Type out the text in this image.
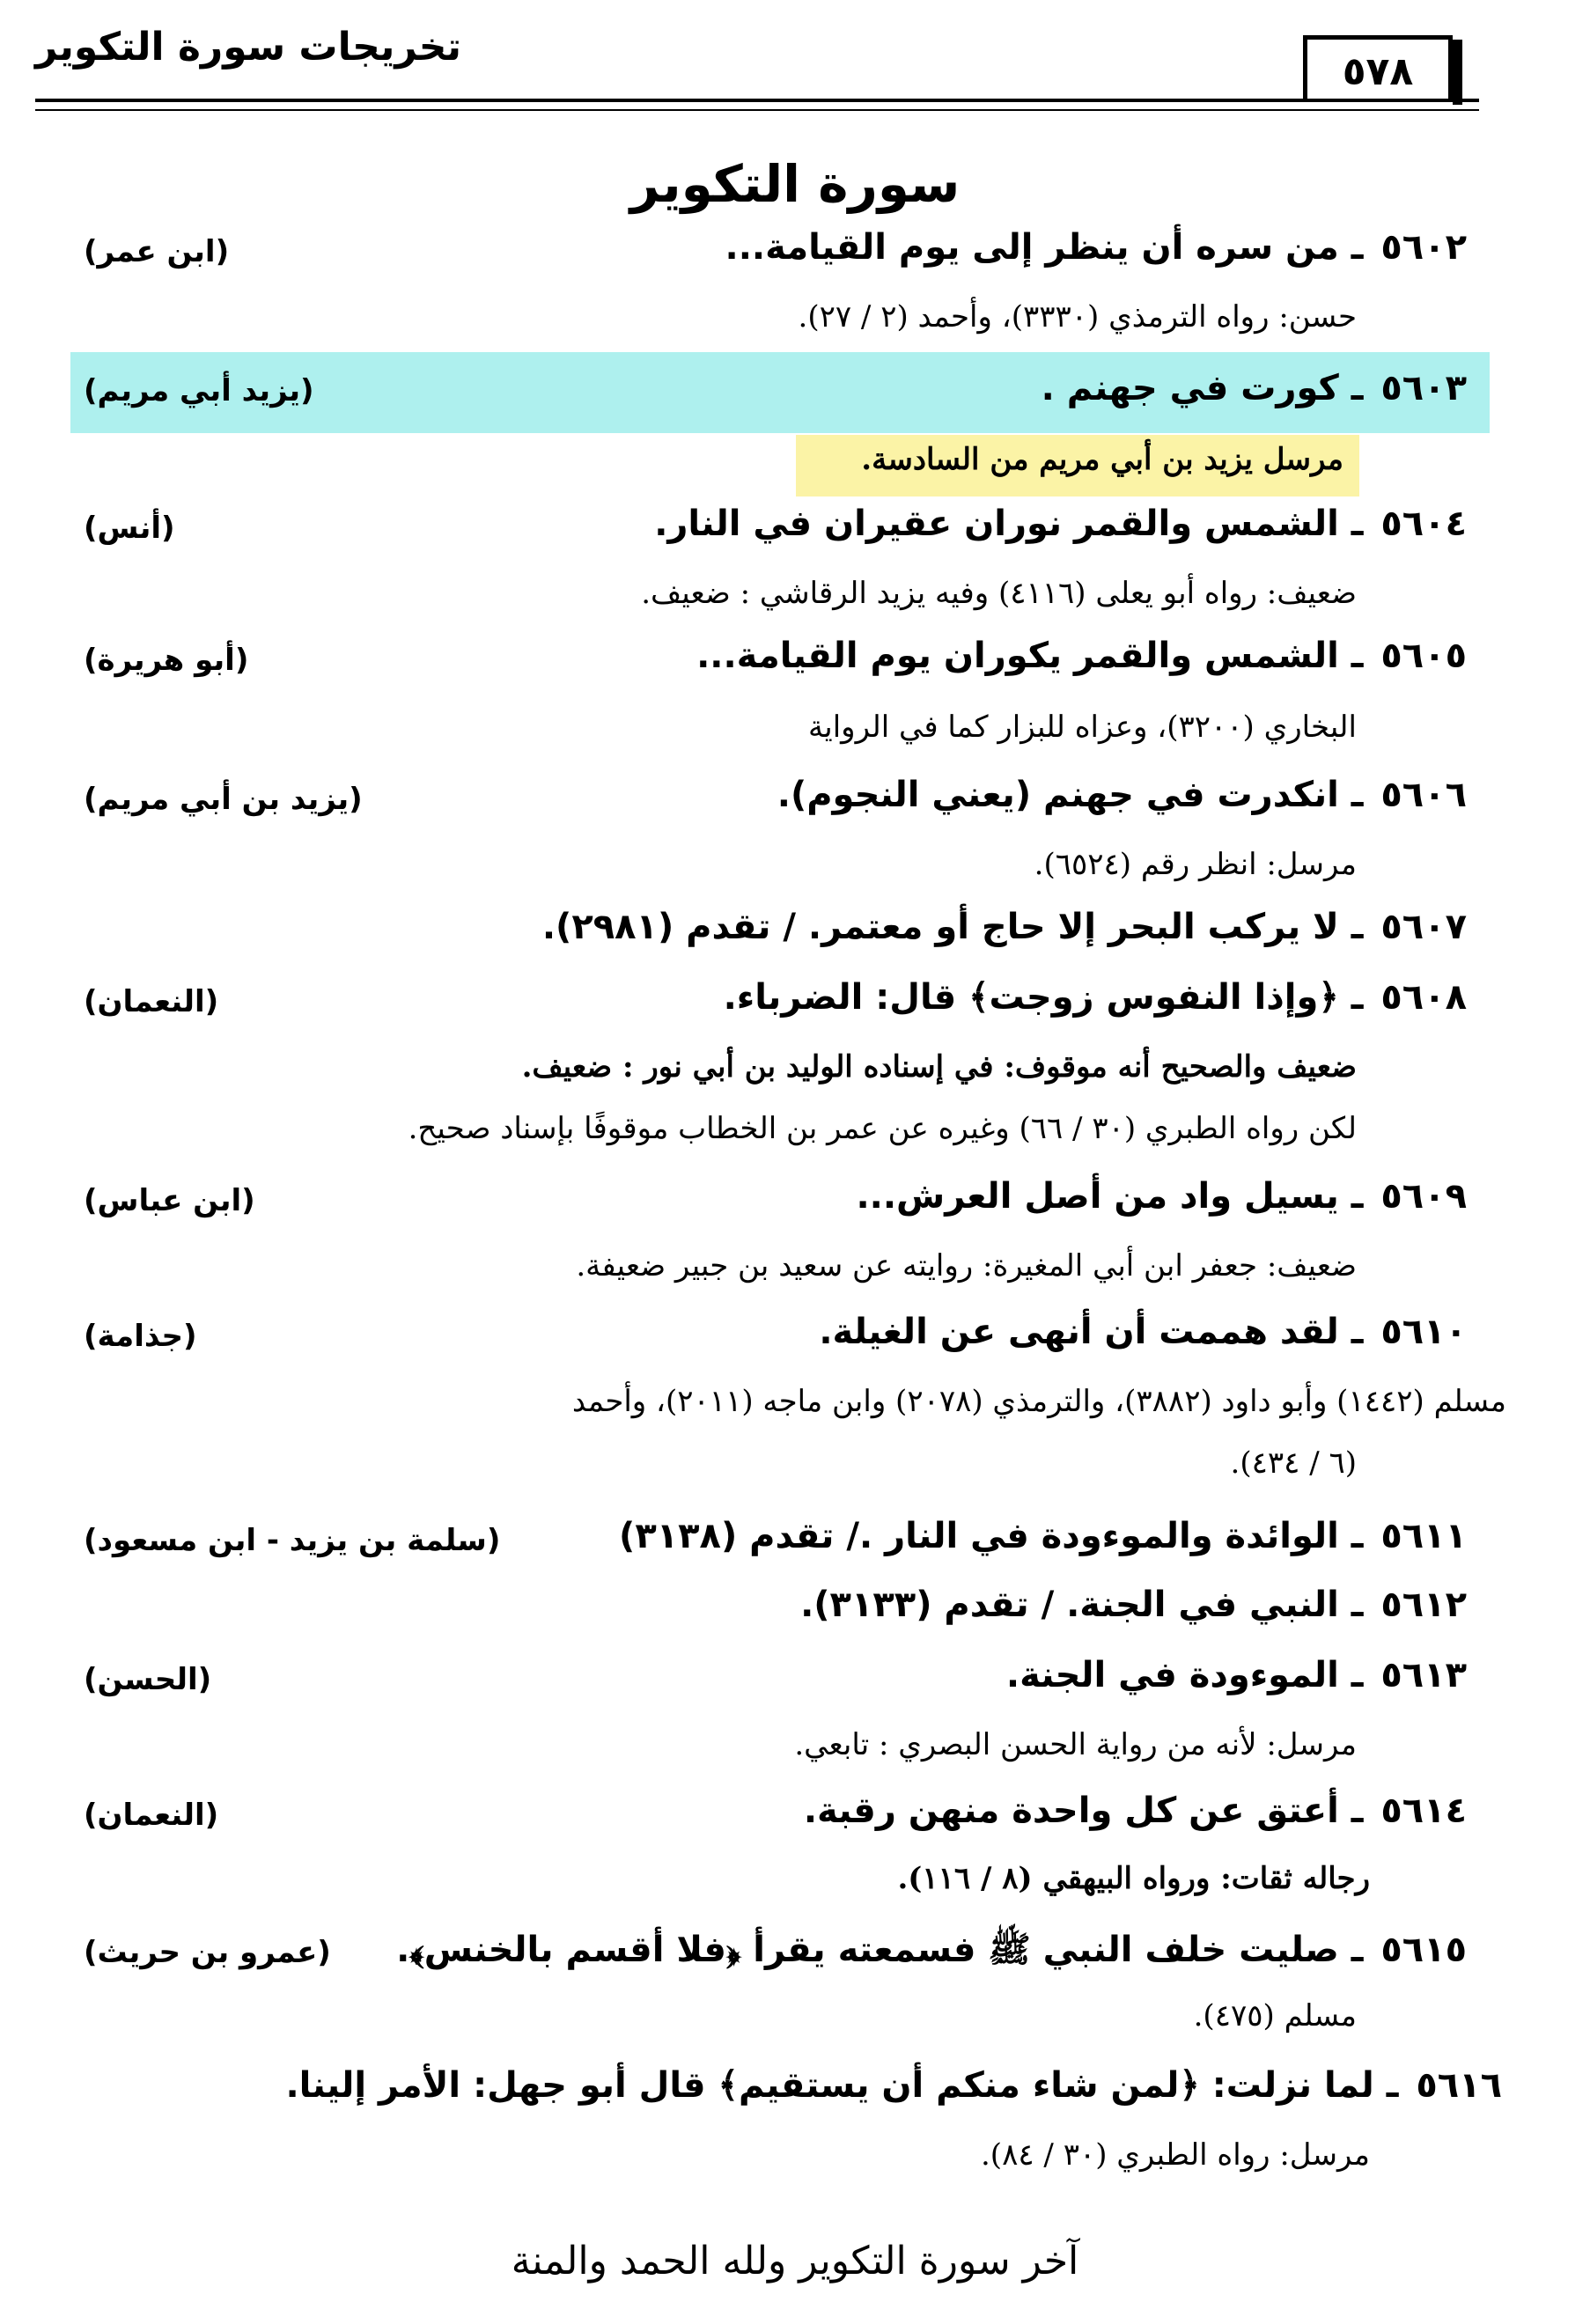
تخريجات سورة التكوير
٥٧٨
سورة التكوير
٥٦٠٢ ـ من سره أن ينظر إلى يوم القيامة...
(ابن عمر)
حسن: رواه الترمذي (٣٣٣٠)، وأحمد (٢ / ٢٧).
٥٦٠٣ ـ كورت في جهنم .
(يزيد أبي مريم)
مرسل يزيد بن أبي مريم من السادسة.
٥٦٠٤ ـ الشمس والقمر نوران عقيران في النار.
(أنس)
ضعيف: رواه أبو يعلى (٤١١٦) وفيه يزيد الرقاشي : ضعيف.
٥٦٠٥ ـ الشمس والقمر يكوران يوم القيامة...
(أبو هريرة)
البخاري (٣٢٠٠)، وعزاه للبزار كما في الرواية
٥٦٠٦ ـ انكدرت في جهنم (يعني النجوم).
(يزيد بن أبي مريم)
مرسل: انظر رقم (٦٥٢٤).
٥٦٠٧ ـ لا يركب البحر إلا حاج أو معتمر. / تقدم (٢٩٨١).
٥٦٠٨ ـ ﴿وإذا النفوس زوجت﴾ قال: الضرباء.
(النعمان)
ضعيف والصحيح أنه موقوف: في إسناده الوليد بن أبي نور : ضعيف.
لكن رواه الطبري (٣٠ / ٦٦) وغيره عن عمر بن الخطاب موقوفًا بإسناد صحيح.
٥٦٠٩ ـ يسيل واد من أصل العرش...
(ابن عباس)
ضعيف: جعفر ابن أبي المغيرة: روايته عن سعيد بن جبير ضعيفة.
٥٦١٠ ـ لقد هممت أن أنهى عن الغيلة.
(جذامة)
مسلم (١٤٤٢) وأبو داود (٣٨٨٢)، والترمذي (٢٠٧٨) وابن ماجه (٢٠١١)، وأحمد
(٦ / ٤٣٤).
٥٦١١ ـ الوائدة والموءودة في النار ./ تقدم (٣١٣٨)
(سلمة بن يزيد - ابن مسعود)
٥٦١٢ ـ النبي في الجنة. / تقدم (٣١٣٣).
٥٦١٣ ـ الموءودة في الجنة.
(الحسن)
مرسل: لأنه من رواية الحسن البصري : تابعي.
٥٦١٤ ـ أعتق عن كل واحدة منهن رقبة.
(النعمان)
رجاله ثقات: ورواه البيهقي (٨ / ١١٦).
٥٦١٥ ـ صليت خلف النبي ﷺ فسمعته يقرأ ﴿فلا أقسم بالخنس﴾.
(عمرو بن حريث)
مسلم (٤٧٥).
٥٦١٦ ـ لما نزلت: ﴿لمن شاء منكم أن يستقيم﴾ قال أبو جهل: الأمر إلينا.
مرسل: رواه الطبري (٣٠ / ٨٤).
آخر سورة التكوير ولله الحمد والمنة
